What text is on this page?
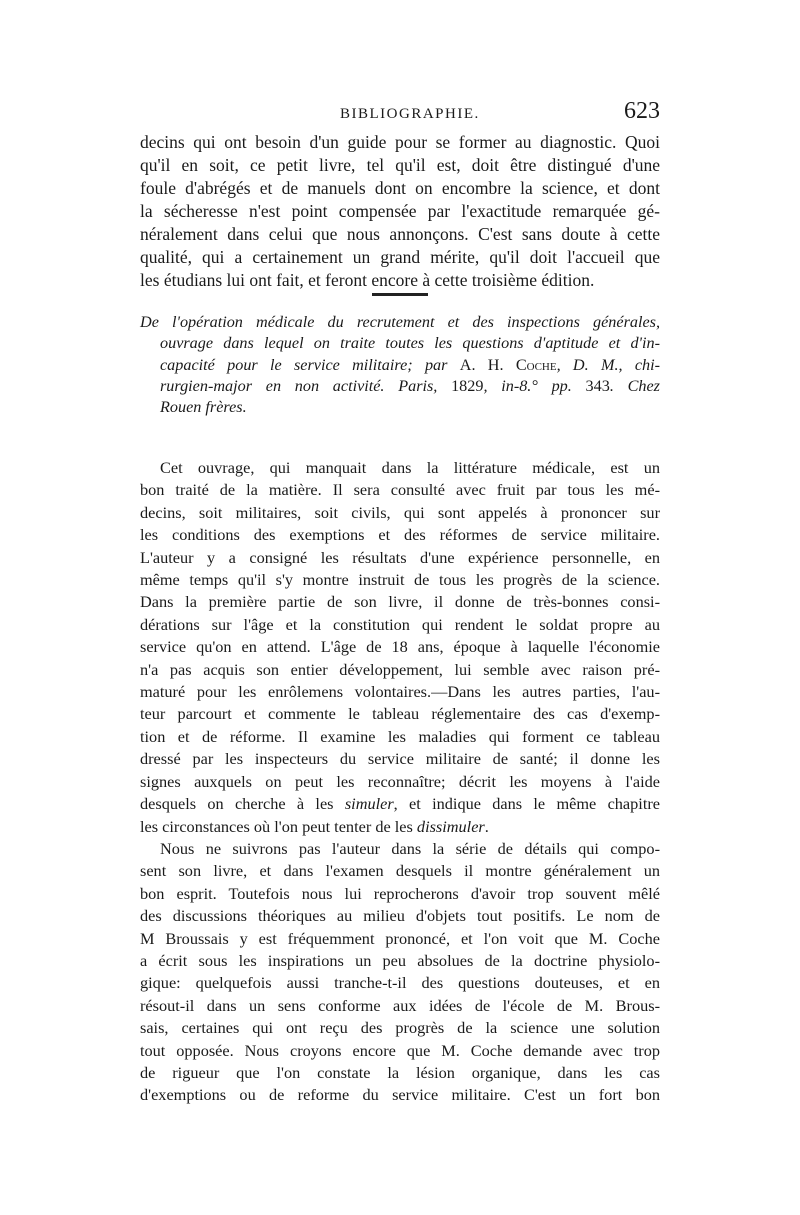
BIBLIOGRAPHIE.	623
decins qui ont besoin d'un guide pour se former au diagnostic. Quoi
qu'il en soit, ce petit livre, tel qu'il est, doit être distingué d'une
foule d'abrégés et de manuels dont on encombre la science, et dont
la sécheresse n'est point compensée par l'exactitude remarquée gé-
néralement dans celui que nous annonçons. C'est sans doute à cette
qualité, qui a certainement un grand mérite, qu'il doit l'accueil que
les étudians lui ont fait, et feront encore à cette troisième édition.
De l'opération médicale du recrutement et des inspections générales,
ouvrage dans lequel on traite toutes les questions d'aptitude et d'in-
capacité pour le service militaire; par A. H. Coche, D. M., chi-
rurgien-major en non activité. Paris, 1829, in-8.° pp. 343. Chez
Rouen frères.
Cet ouvrage, qui manquait dans la littérature médicale, est un
bon traité de la matière. Il sera consulté avec fruit par tous les mé-
decins, soit militaires, soit civils, qui sont appelés à prononcer sur
les conditions des exemptions et des réformes de service militaire.
L'auteur y a consigné les résultats d'une expérience personnelle, en
même temps qu'il s'y montre instruit de tous les progrès de la science.
Dans la première partie de son livre, il donne de très-bonnes consi-
dérations sur l'âge et la constitution qui rendent le soldat propre au
service qu'on en attend. L'âge de 18 ans, époque à laquelle l'économie
n'a pas acquis son entier développement, lui semble avec raison pré-
maturé pour les enrôlemens volontaires.—Dans les autres parties, l'au-
teur parcourt et commente le tableau réglementaire des cas d'exemp-
tion et de réforme. Il examine les maladies qui forment ce tableau
dressé par les inspecteurs du service militaire de santé; il donne les
signes auxquels on peut les reconnaître; décrit les moyens à l'aide
desquels on cherche à les simuler, et indique dans le même chapitre
les circonstances où l'on peut tenter de les dissimuler.
Nous ne suivrons pas l'auteur dans la série de détails qui compo-
sent son livre, et dans l'examen desquels il montre généralement un
bon esprit. Toutefois nous lui reprocherons d'avoir trop souvent mêlé
des discussions théoriques au milieu d'objets tout positifs. Le nom de
M Broussais y est fréquemment prononcé, et l'on voit que M. Coche
a écrit sous les inspirations un peu absolues de la doctrine physiolo-
gique: quelquefois aussi tranche-t-il des questions douteuses, et en
résout-il dans un sens conforme aux idées de l'école de M. Brous-
sais, certaines qui ont reçu des progrès de la science une solution
tout opposée. Nous croyons encore que M. Coche demande avec trop
de rigueur que l'on constate la lésion organique, dans les cas
d'exemptions ou de reforme du service militaire. C'est un fort bon
